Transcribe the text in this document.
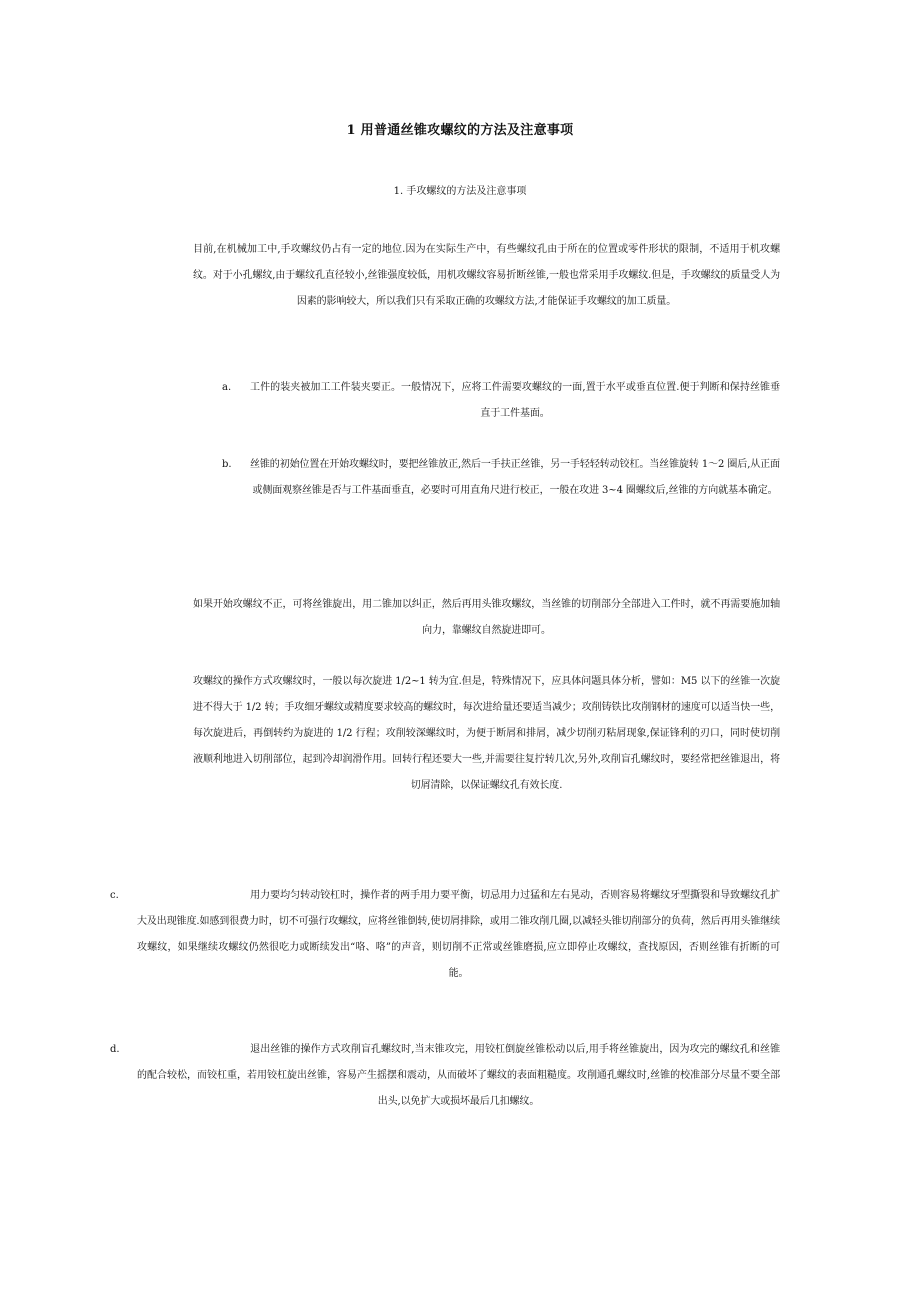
1 用普通丝锥攻螺纹的方法及注意事项
1. 手攻螺纹的方法及注意事项

目前,在机械加工中,手攻螺纹仍占有一定的地位.因为在实际生产中，有些螺纹孔由于所在的位置或零件形状的限制，不适用于机攻螺纹。对于小孔螺纹,由于螺纹孔直径较小,丝锥强度较低，用机攻螺纹容易折断丝锥,一般也常采用手攻螺纹.但是，手攻螺纹的质量受人为因素的影响较大，所以我们只有采取正确的攻螺纹方法,才能保证手攻螺纹的加工质量。

a. 工件的装夹被加工工件装夹要正。一般情况下，应将工件需要攻螺纹的一面,置于水平或垂直位置.便于判断和保持丝锥垂直于工件基面。

b. 丝锥的初始位置在开始攻螺纹时，要把丝锥放正,然后一手扶正丝锥，另一手轻轻转动铰杠。当丝锥旋转 1～2 圈后,从正面或侧面观察丝锥是否与工件基面垂直，必要时可用直角尺进行校正，一般在攻进 3~4 圈螺纹后,丝锥的方向就基本确定。

如果开始攻螺纹不正，可将丝锥旋出，用二锥加以纠正，然后再用头锥攻螺纹，当丝锥的切削部分全部进入工件时，就不再需要施加轴向力，靠螺纹自然旋进即可。

攻螺纹的操作方式攻螺纹时，一般以每次旋进 1/2~1 转为宜.但是，特殊情况下，应具体问题具体分析，譬如：M5 以下的丝锥一次旋进不得大于 1/2 转；手攻细牙螺纹或精度要求较高的螺纹时，每次进给量还要适当减少；攻削铸铁比攻削钢材的速度可以适当快一些，每次旋进后，再倒转约为旋进的 1/2 行程；攻削较深螺纹时，为便于断屑和排屑，减少切削刃粘屑现象,保证锋利的刃口，同时使切削液顺利地进入切削部位，起到冷却润滑作用。回转行程还要大一些,并需要往复拧转几次,另外,攻削盲孔螺纹时，要经常把丝锥退出，将切屑清除，以保证螺纹孔有效长度.

c.	用力要均匀转动铰杠时，操作者的两手用力要平衡，切忌用力过猛和左右晃动，否则容易将螺纹牙型撕裂和导致螺纹孔扩大及出现锥度.如感到很费力时，切不可强行攻螺纹，应将丝锥倒转,使切屑排除，或用二锥攻削几圈,以减轻头锥切削部分的负荷，然后再用头锥继续攻螺纹，如果继续攻螺纹仍然很吃力或断续发出“咯、咯”的声音，则切削不正常或丝锥磨损,应立即停止攻螺纹，查找原因，否则丝锥有折断的可能。

d.	退出丝锥的操作方式攻削盲孔螺纹时,当末锥攻完，用铰杠倒旋丝锥松动以后,用手将丝锥旋出，因为攻完的螺纹孔和丝锥的配合较松，而铰杠重，若用铰杠旋出丝锥，容易产生摇摆和震动，从而破坏了螺纹的表面粗糙度。攻削通孔螺纹时,丝锥的校准部分尽量不要全部出头,以免扩大或损坏最后几扣螺纹。
